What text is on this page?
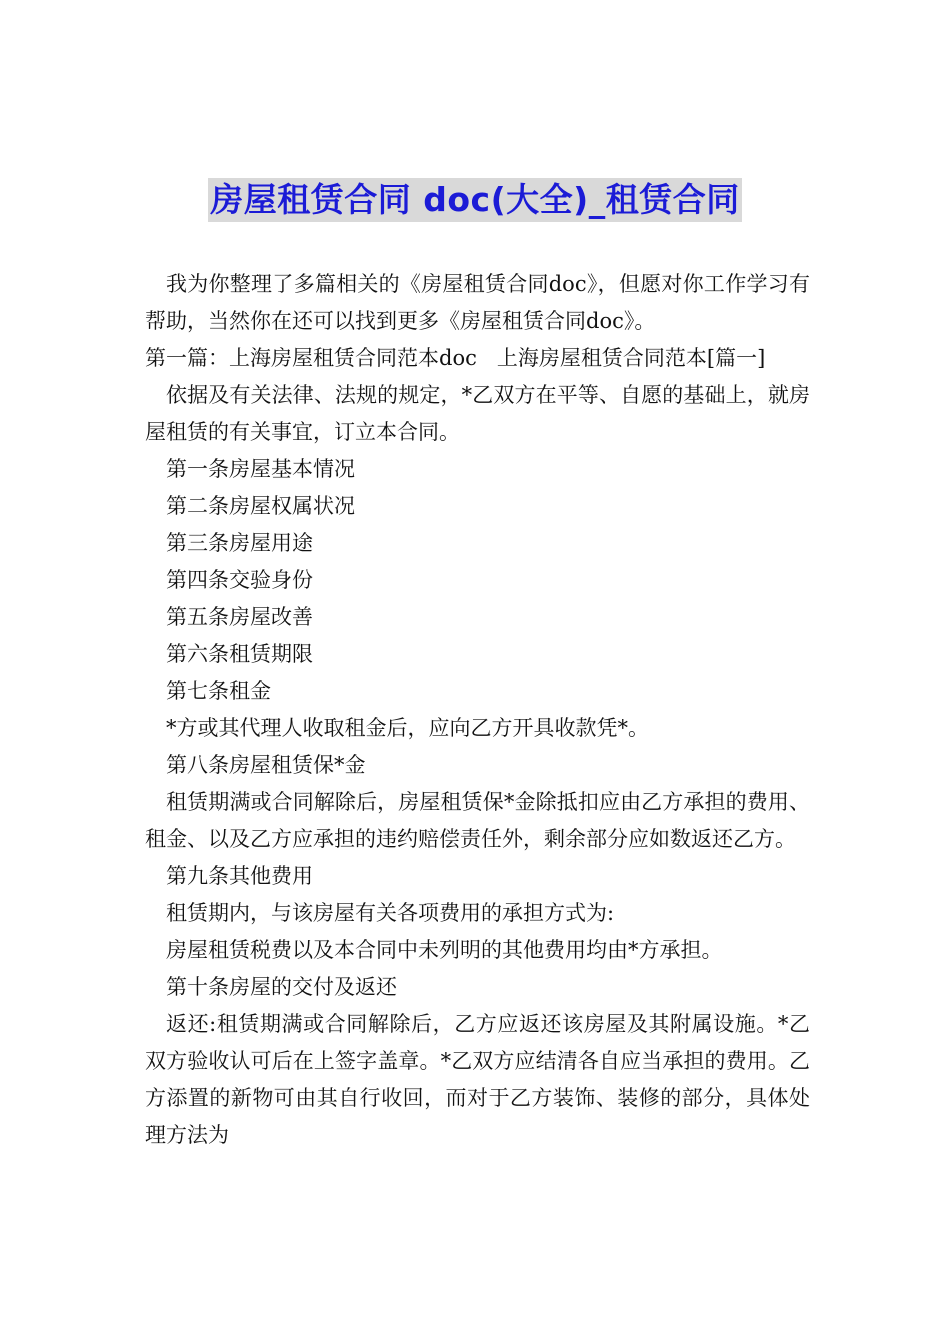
房屋租赁合同 doc(大全)_租赁合同

我为你整理了多篇相关的《房屋租赁合同doc》，但愿对你工作学习有帮助，当然你在还可以找到更多《房屋租赁合同doc》。

第一篇：上海房屋租赁合同范本doc   上海房屋租赁合同范本[篇一]

依据及有关法律、法规的规定，*乙双方在平等、自愿的基础上，就房屋租赁的有关事宜，订立本合同。

第一条房屋基本情况

第二条房屋权属状况

第三条房屋用途

第四条交验身份

第五条房屋改善

第六条租赁期限

第七条租金

*方或其代理人收取租金后，应向乙方开具收款凭*。

第八条房屋租赁保*金

租赁期满或合同解除后，房屋租赁保*金除抵扣应由乙方承担的费用、租金、以及乙方应承担的违约赔偿责任外，剩余部分应如数返还乙方。

第九条其他费用

租赁期内，与该房屋有关各项费用的承担方式为:

房屋租赁税费以及本合同中未列明的其他费用均由*方承担。

第十条房屋的交付及返还

返还:租赁期满或合同解除后，乙方应返还该房屋及其附属设施。*乙双方验收认可后在上签字盖章。*乙双方应结清各自应当承担的费用。乙方添置的新物可由其自行收回，而对于乙方装饰、装修的部分，具体处理方法为
